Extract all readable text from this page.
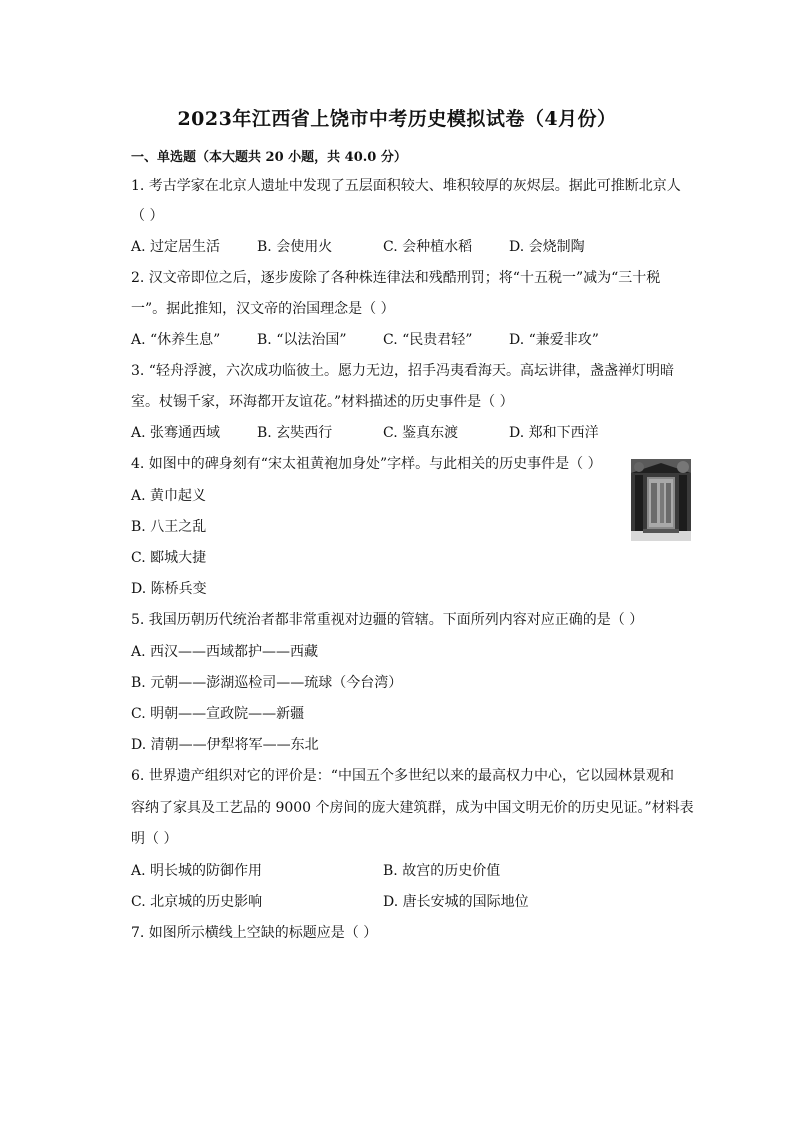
2023年江西省上饶市中考历史模拟试卷（4月份）
一、单选题（本大题共 20 小题，共 40.0 分）
1. 考古学家在北京人遗址中发现了五层面积较大、堆积较厚的灰烬层。据此可推断北京人
（ ）
A. 过定居生活	B. 会使用火	C. 会种植水稻	D. 会烧制陶
2. 汉文帝即位之后，逐步废除了各种株连律法和残酷刑罚；将“十五税一”减为“三十税
一”。据此推知，汉文帝的治国理念是（ ）
A. “休养生息”	B. “以法治国”	C. “民贵君轻”	D. “兼爱非攻”
3. “轻舟浮渡，六次成功临彼土。愿力无边，招手冯夷看海天。高坛讲律，盏盏禅灯明暗
室。杖锡千家，环海都开友谊花。”材料描述的历史事件是（ ）
A. 张骞通西域	B. 玄奘西行	C. 鉴真东渡	D. 郑和下西洋
4. 如图中的碑身刻有“宋太祖黄袍加身处”字样。与此相关的历史事件是（ ）
A. 黄巾起义
B. 八王之乱
C. 郾城大捷
D. 陈桥兵变
5. 我国历朝历代统治者都非常重视对边疆的管辖。下面所列内容对应正确的是（ ）
A. 西汉——西域都护——西藏
B. 元朝——澎湖巡检司——琉球（今台湾）
C. 明朝——宣政院——新疆
D. 清朝——伊犁将军——东北
6. 世界遗产组织对它的评价是：“中国五个多世纪以来的最高权力中心，它以园林景观和
容纳了家具及工艺品的 9000 个房间的庞大建筑群，成为中国文明无价的历史见证。”材料表
明（ ）
A. 明长城的防御作用	B. 故宫的历史价值
C. 北京城的历史影响	D. 唐长安城的国际地位
7. 如图所示横线上空缺的标题应是（ ）
